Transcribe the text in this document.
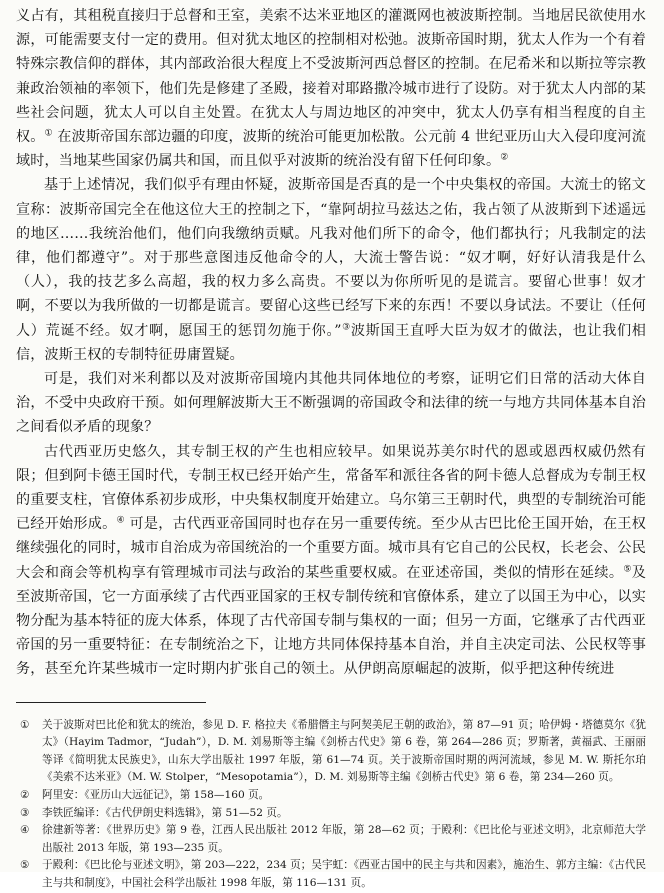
义占有，其租税直接归于总督和王室，美索不达米亚地区的灌溉网也被波斯控制。当地居民欲使用水源，可能需要支付一定的费用。但对犹太地区的控制相对松弛。波斯帝国时期，犹太人作为一个有着特殊宗教信仰的群体，其内部政治很大程度上不受波斯河西总督区的控制。在尼希米和以斯拉等宗教兼政治领袖的率领下，他们先是修建了圣殿，接着对耶路撒冷城市进行了设防。对于犹太人内部的某些社会问题，犹太人可以自主处置。在犹太人与周边地区的冲突中，犹太人仍享有相当程度的自主权。① 在波斯帝国东部边疆的印度，波斯的统治可能更加松散。公元前 4 世纪亚历山大入侵印度河流域时，当地某些国家仍属共和国，而且似乎对波斯的统治没有留下任何印象。②

基于上述情况，我们似乎有理由怀疑，波斯帝国是否真的是一个中央集权的帝国。大流士的铭文宣称：波斯帝国完全在他这位大王的控制之下，“靠阿胡拉马兹达之佑，我占领了从波斯到下述遥远的地区……我统治他们，他们向我缴纳贡赋。凡我对他们所下的命令，他们都执行；凡我制定的法律，他们都遵守”。对于那些意图违反他命令的人，大流士警告说：“奴才啊，好好认清我是什么（人），我的技艺多么高超，我的权力多么高贵。不要以为你所听见的是谎言。要留心世事！奴才啊，不要以为我所做的一切都是谎言。要留心这些已经写下来的东西！不要以身试法。不要让（任何人）荒诞不经。奴才啊，愿国王的惩罚勿施于你。”③波斯国王直呼大臣为奴才的做法，也让我们相信，波斯王权的专制特征毋庸置疑。

可是，我们对米利都以及对波斯帝国境内其他共同体地位的考察，证明它们日常的活动大体自治，不受中央政府干预。如何理解波斯大王不断强调的帝国政令和法律的统一与地方共同体基本自治之间看似矛盾的现象？

古代西亚历史悠久，其专制王权的产生也相应较早。如果说苏美尔时代的恩或恩西权威仍然有限；但到阿卡德王国时代，专制王权已经开始产生，常备军和派往各省的阿卡德人总督成为专制王权的重要支柱，官僚体系初步成形，中央集权制度开始建立。乌尔第三王朝时代，典型的专制统治可能已经开始形成。④ 可是，古代西亚帝国同时也存在另一重要传统。至少从古巴比伦王国开始，在王权继续强化的同时，城市自治成为帝国统治的一个重要方面。城市具有它自己的公民权，长老会、公民大会和商会等机构享有管理城市司法与政治的某些重要权威。在亚述帝国，类似的情形在延续。⑤及至波斯帝国，它一方面承续了古代西亚国家的王权专制传统和官僚体系，建立了以国王为中心，以实物分配为基本特征的庞大体系，体现了古代帝国专制与集权的一面；但另一方面，它继承了古代西亚帝国的另一重要特征：在专制统治之下，让地方共同体保持基本自治，并自主决定司法、公民权等事务，甚至允许某些城市一定时期内扩张自己的领土。从伊朗高原崛起的波斯，似乎把这种传统进

①	关于波斯对巴比伦和犹太的统治，参见 D. F. 格拉夫《希腊僭主与阿契美尼王朝的政治》，第 87—91 页；哈伊姆・塔德莫尔《犹太》（Hayim Tadmor，“Judah”），D. M. 刘易斯等主编《剑桥古代史》第 6 卷，第 264—286 页；罗斯著，黄福武、王丽丽等译《简明犹太民族史》，山东大学出版社 1997 年版，第 61—74 页。关于波斯帝国时期的两河流域，参见 M. W. 斯托尔珀《美索不达米亚》（M. W. Stolper，“Mesopotamia”），D. M. 刘易斯等主编《剑桥古代史》第 6 卷，第 234—260 页。
②	阿里安：《亚历山大远征记》，第 158—160 页。
③	李铁匠编译：《古代伊朗史料选辑》，第 51—52 页。
④	徐建新等著：《世界历史》第 9 卷，江西人民出版社 2012 年版，第 28—62 页；于殿利：《巴比伦与亚述文明》，北京师范大学出版社 2013 年版，第 193—235 页。
⑤	于殿利：《巴比伦与亚述文明》，第 203—222，234 页；吴宇虹：《西亚古国中的民主与共和因素》，施治生、郭方主编：《古代民主与共和制度》，中国社会科学出版社 1998 年版，第 116—131 页。
